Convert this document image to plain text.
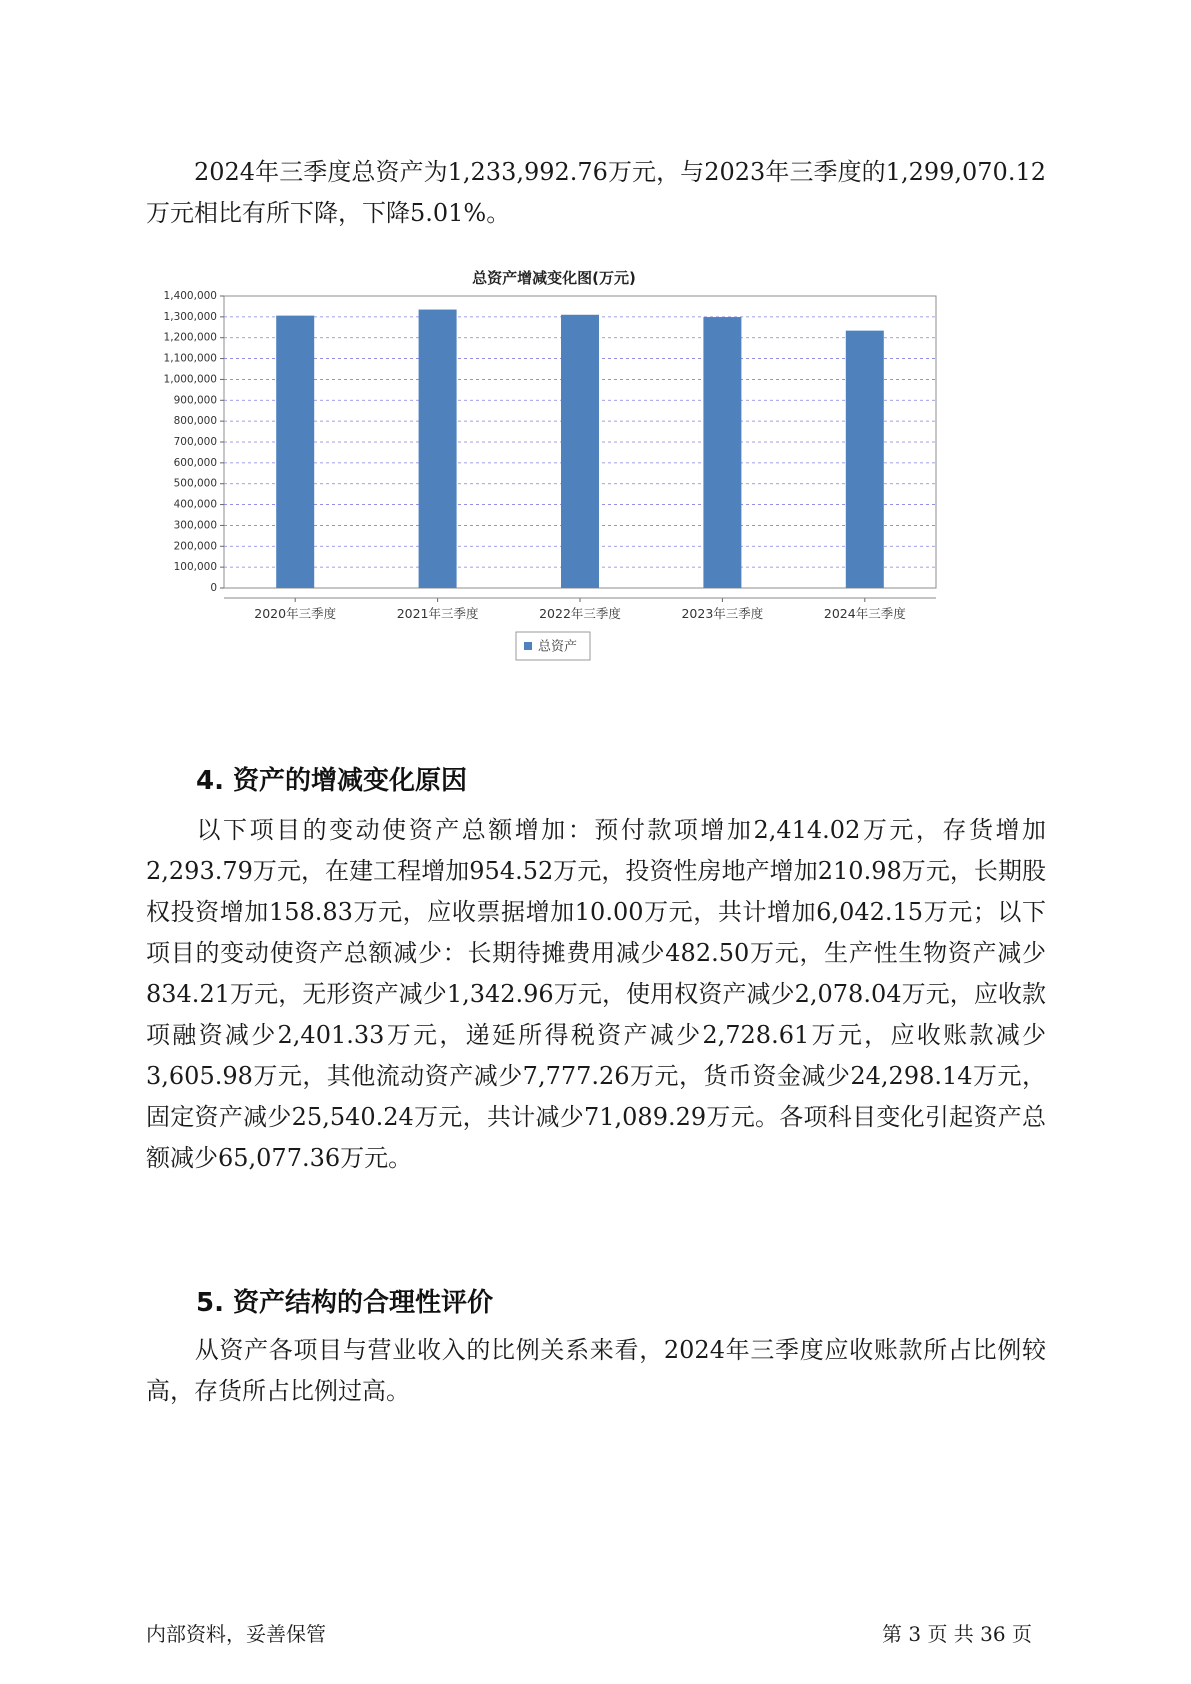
2024年三季度总资产为1,233,992.76万元，与2023年三季度的1,299,070.12万元相比有所下降，下降5.01%。

总资产增减变化图(万元)
0
100,000
200,000
300,000
400,000
500,000
600,000
700,000
800,000
900,000
1,000,000
1,100,000
1,200,000
1,300,000
1,400,000
2020年三季度	2021年三季度	2022年三季度	2023年三季度	2024年三季度
总资产
4. 资产的增减变化原因

以下项目的变动使资产总额增加：预付款项增加2,414.02万元，存货增加2,293.79万元，在建工程增加954.52万元，投资性房地产增加210.98万元，长期股权投资增加158.83万元，应收票据增加10.00万元，共计增加6,042.15万元；以下项目的变动使资产总额减少：长期待摊费用减少482.50万元，生产性生物资产减少834.21万元，无形资产减少1,342.96万元，使用权资产减少2,078.04万元，应收款项融资减少2,401.33万元，递延所得税资产减少2,728.61万元，应收账款减少3,605.98万元，其他流动资产减少7,777.26万元，货币资金减少24,298.14万元，固定资产减少25,540.24万元，共计减少71,089.29万元。各项科目变化引起资产总额减少65,077.36万元。

5. 资产结构的合理性评价

从资产各项目与营业收入的比例关系来看，2024年三季度应收账款所占比例较高，存货所占比例过高。

内部资料，妥善保管	第 3 页 共 36 页
